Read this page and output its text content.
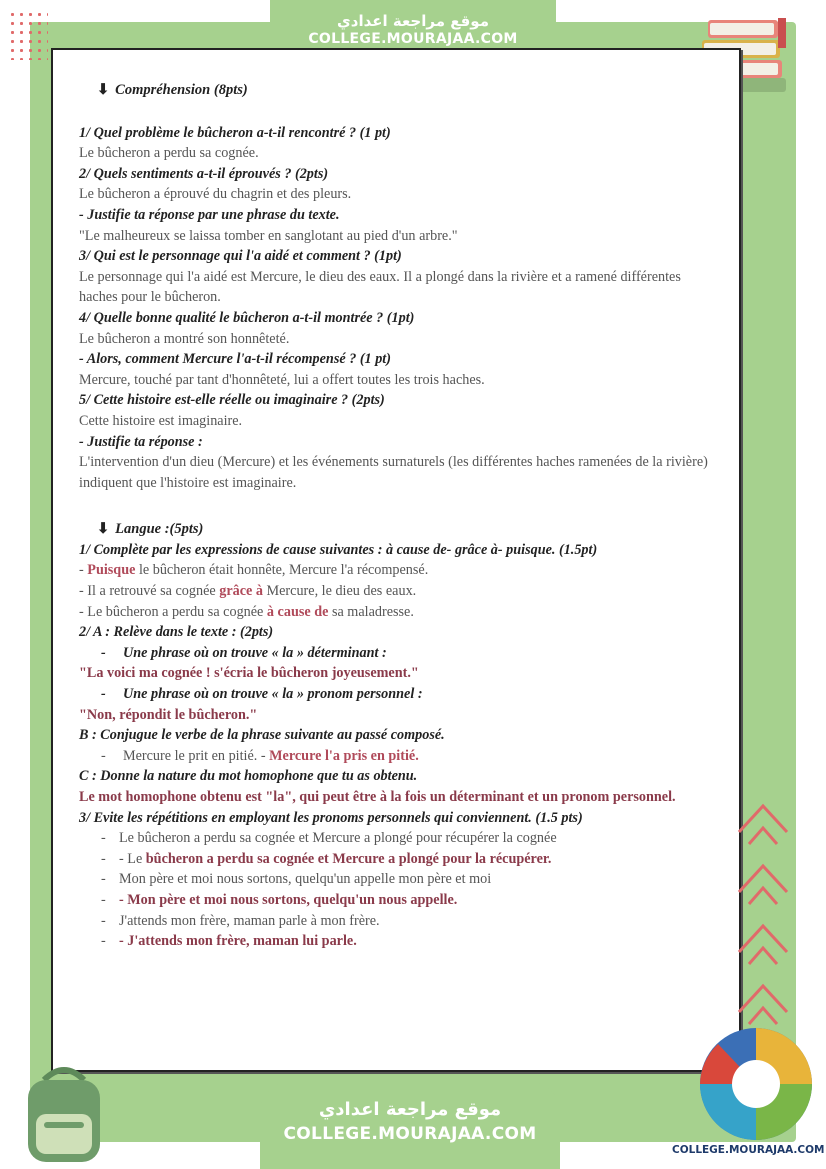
موقع مراجعة اعدادي
COLLEGE.MOURAJAA.COM
⬇ Compréhension (8pts)
1/ Quel problème le bûcheron a-t-il rencontré ? (1 pt)
Le bûcheron a perdu sa cognée.
2/ Quels sentiments a-t-il éprouvés ? (2pts)
Le bûcheron a éprouvé du chagrin et des pleurs.
- Justifie ta réponse par une phrase du texte.
"Le malheureux se laissa tomber en sanglotant au pied d'un arbre."
3/ Qui est le personnage qui l'a aidé et comment ? (1pt)
Le personnage qui l'a aidé est Mercure, le dieu des eaux. Il a plongé dans la rivière et a ramené différentes haches pour le bûcheron.
4/ Quelle bonne qualité le bûcheron a-t-il montrée ? (1pt)
Le bûcheron a montré son honnêteté.
- Alors, comment Mercure l'a-t-il récompensé ? (1 pt)
Mercure, touché par tant d'honnêteté, lui a offert toutes les trois haches.
5/ Cette histoire est-elle réelle ou imaginaire ? (2pts)
Cette histoire est imaginaire.
- Justifie ta réponse :
L'intervention d'un dieu (Mercure) et les événements surnaturels (les différentes haches ramenées de la rivière) indiquent que l'histoire est imaginaire.
⬇ Langue :(5pts)
1/ Complète par les expressions de cause suivantes : à cause de- grâce à- puisque. (1.5pt)
- Puisque le bûcheron était honnête, Mercure l'a récompensé.
- Il a retrouvé sa cognée grâce à Mercure, le dieu des eaux.
- Le bûcheron a perdu sa cognée à cause de sa maladresse.
2/ A : Relève dans le texte : (2pts)
- Une phrase où on trouve « la » déterminant :
"La voici ma cognée ! s'écria le bûcheron joyeusement."
- Une phrase où on trouve « la » pronom personnel :
"Non, répondit le bûcheron."
B : Conjugue le verbe de la phrase suivante au passé composé.
- Mercure le prit en pitié. - Mercure l'a pris en pitié.
C : Donne la nature du mot homophone que tu as obtenu.
Le mot homophone obtenu est "la", qui peut être à la fois un déterminant et un pronom personnel.
3/ Evite les répétitions en employant les pronoms personnels qui conviennent. (1.5 pts)
- Le bûcheron a perdu sa cognée et Mercure a plongé pour récupérer la cognée
- - Le bûcheron a perdu sa cognée et Mercure a plongé pour la récupérer.
- Mon père et moi nous sortons, quelqu'un appelle mon père et moi
- - Mon père et moi nous sortons, quelqu'un nous appelle.
- J'attends mon frère, maman parle à mon frère.
- - J'attends mon frère, maman lui parle.
موقع مراجعة اعدادي
COLLEGE.MOURAJAA.COM
COLLEGE.MOURAJAA.COM
